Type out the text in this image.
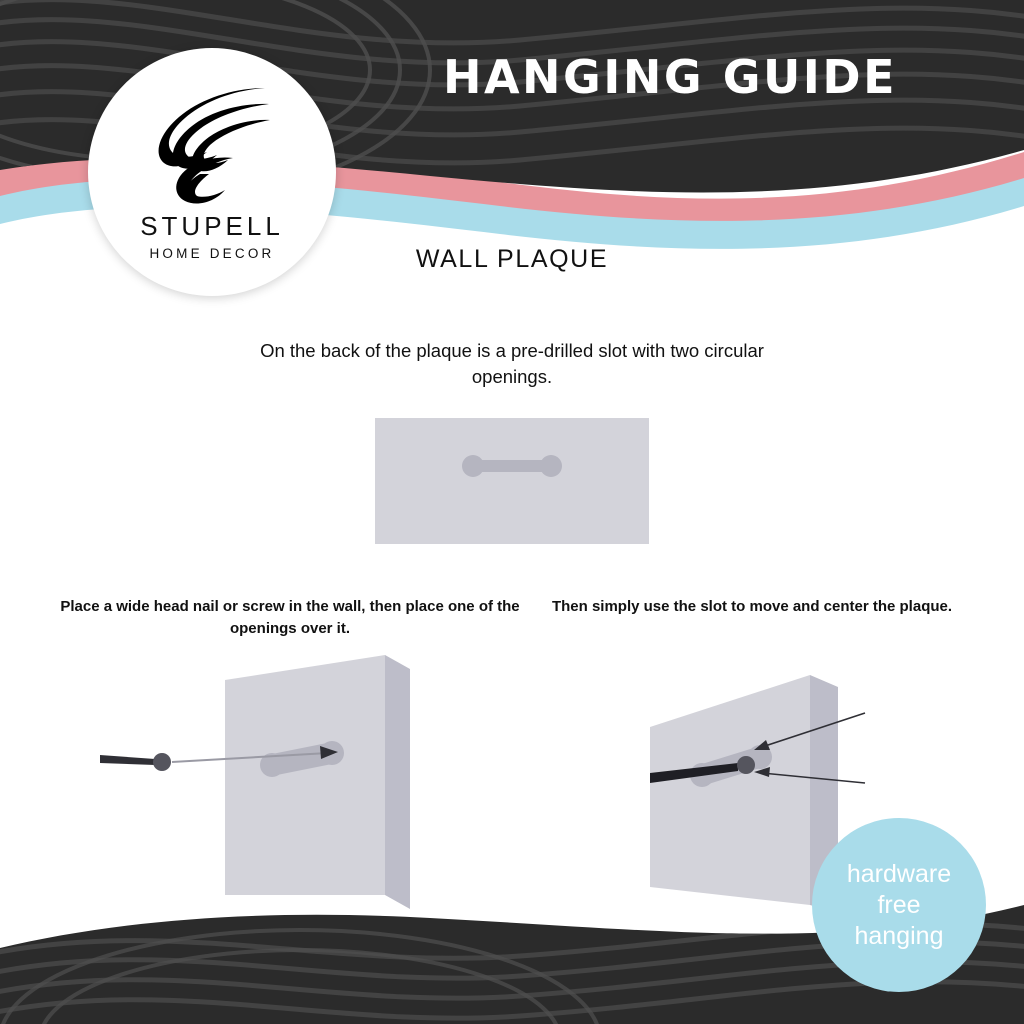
HANGING GUIDE
STUPELL
HOME DECOR	WALL PLAQUE
On the back of the plaque is a pre-drilled slot with two circular openings.
Place a wide head nail or screw in the wall, then place one of the openings over it.
Then simply use the slot to move and center the plaque.
hardware
free
hanging
